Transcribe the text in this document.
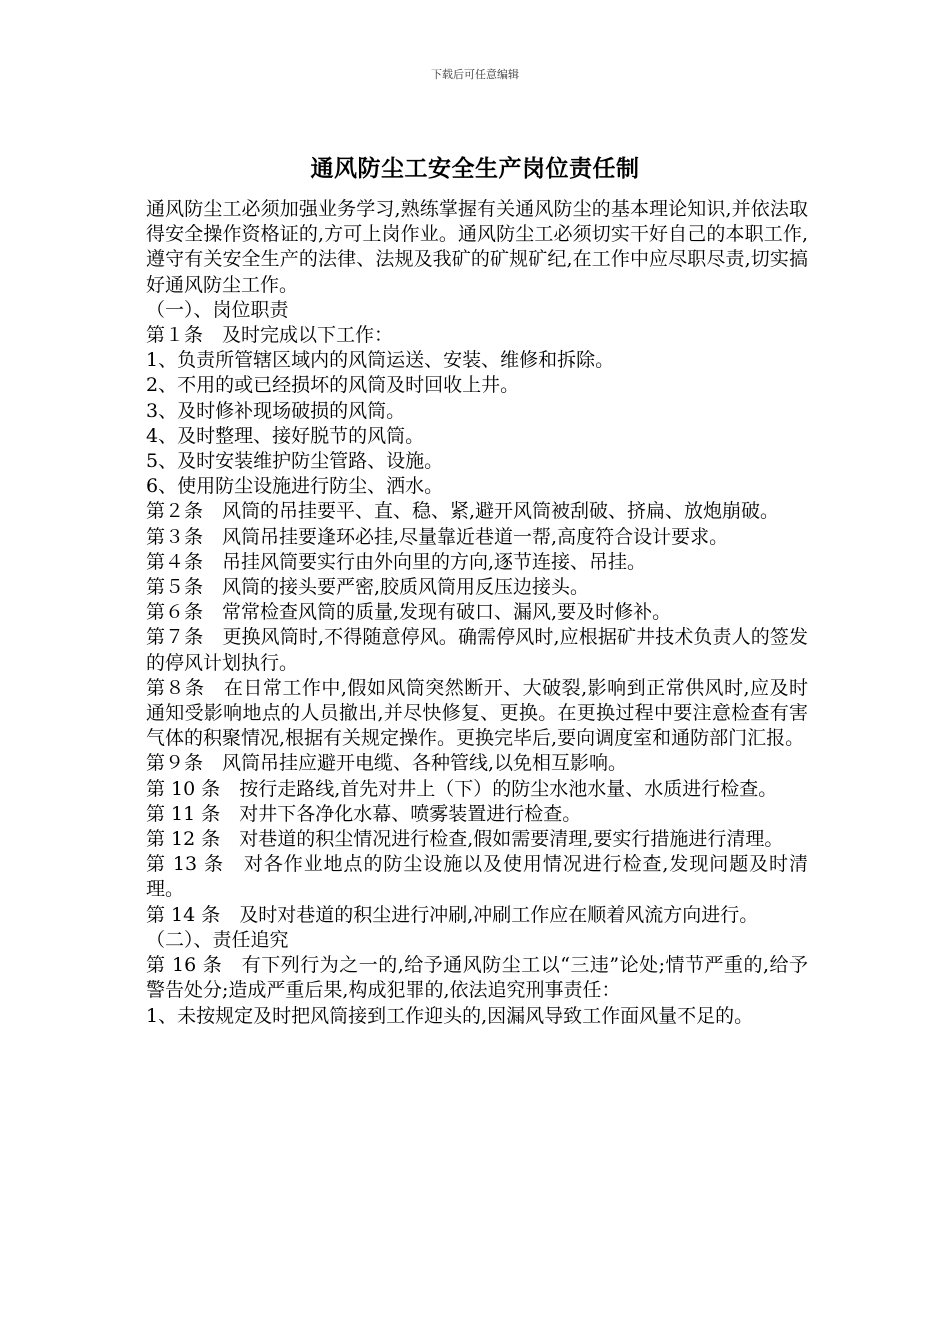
下载后可任意编辑
通风防尘工安全生产岗位责任制

通风防尘工必须加强业务学习,熟练掌握有关通风防尘的基本理论知识,并依法取得安全操作资格证的,方可上岗作业。通风防尘工必须切实干好自己的本职工作,遵守有关安全生产的法律、法规及我矿的矿规矿纪,在工作中应尽职尽责,切实搞好通风防尘工作。

（一）、岗位职责

第１条　及时完成以下工作：

1、负责所管辖区域内的风筒运送、安装、维修和拆除。

2、不用的或已经损坏的风筒及时回收上井。

3、及时修补现场破损的风筒。

4、及时整理、接好脱节的风筒。

5、及时安装维护防尘管路、设施。

6、使用防尘设施进行防尘、洒水。

第２条　风筒的吊挂要平、直、稳、紧,避开风筒被刮破、挤扁、放炮崩破。

第３条　风筒吊挂要逢环必挂,尽量靠近巷道一帮,高度符合设计要求。

第４条　吊挂风筒要实行由外向里的方向,逐节连接、吊挂。

第５条　风筒的接头要严密,胶质风筒用反压边接头。

第６条　常常检查风筒的质量,发现有破口、漏风,要及时修补。

第７条　更换风筒时,不得随意停风。确需停风时,应根据矿井技术负责人的签发的停风计划执行。

第８条　在日常工作中,假如风筒突然断开、大破裂,影响到正常供风时,应及时通知受影响地点的人员撤出,并尽快修复、更换。在更换过程中要注意检查有害气体的积聚情况,根据有关规定操作。更换完毕后,要向调度室和通防部门汇报。

第９条　风筒吊挂应避开电缆、各种管线,以免相互影响。

第 10 条　按行走路线,首先对井上（下）的防尘水池水量、水质进行检查。

第 11 条　对井下各净化水幕、喷雾装置进行检查。

第 12 条　对巷道的积尘情况进行检查,假如需要清理,要实行措施进行清理。

第 13 条　对各作业地点的防尘设施以及使用情况进行检查,发现问题及时清理。

第 14 条　及时对巷道的积尘进行冲刷,冲刷工作应在顺着风流方向进行。

（二）、责任追究

第 16 条　有下列行为之一的,给予通风防尘工以“三违”论处;情节严重的,给予警告处分;造成严重后果,构成犯罪的,依法追究刑事责任：

1、未按规定及时把风筒接到工作迎头的,因漏风导致工作面风量不足的。
